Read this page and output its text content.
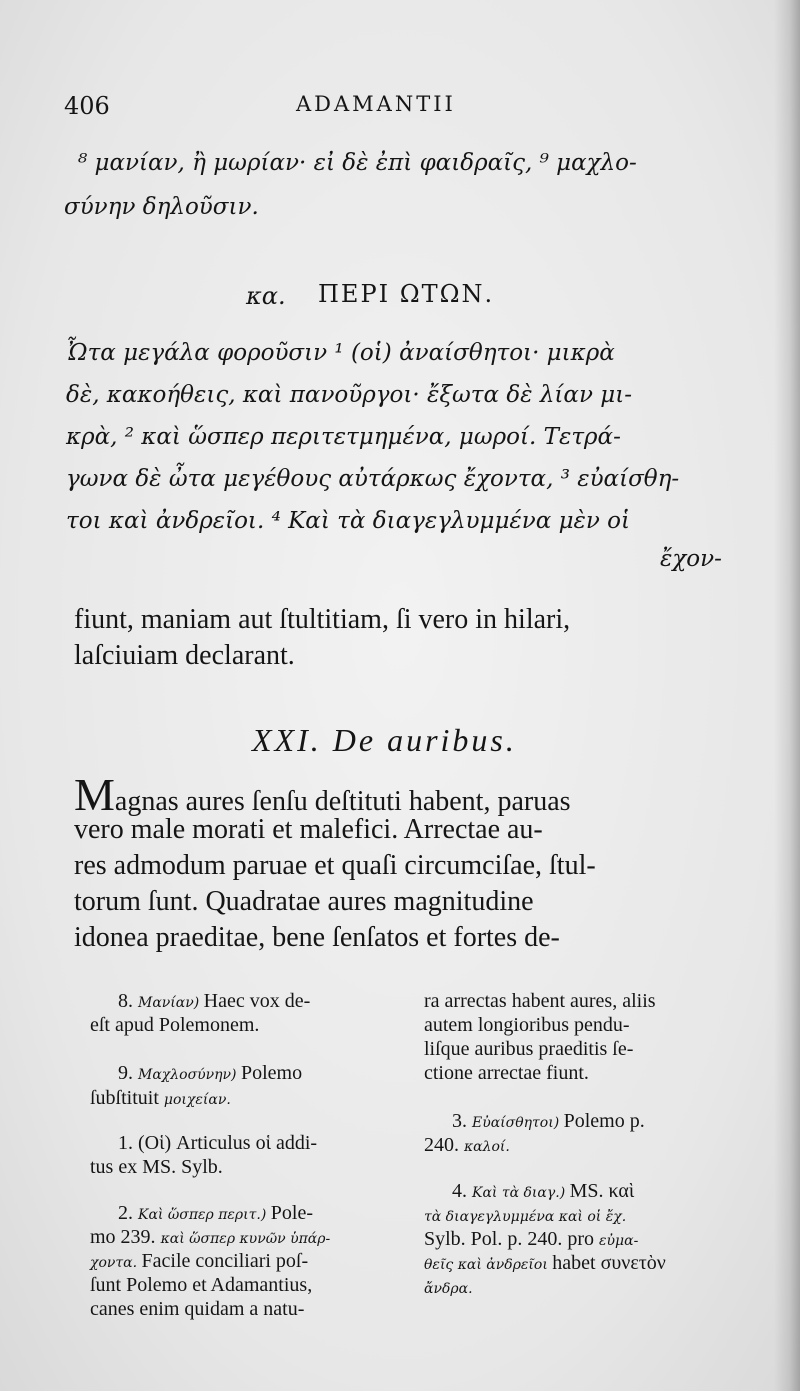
406	ADAMANTII
⁸ μανίαν, ἢ μωρίαν· εἰ δὲ ἐπὶ φαιδραῖς, ⁹ μαχλο-
σύνην δηλοῦσιν.
κα. ΠΕΡΙ ΩΤΩΝ.
Ὦτα μεγάλα φοροῦσιν ¹ (οἱ) ἀναίσθητοι· μικρὰ
δὲ, κακοήθεις, καὶ πανοῦργοι· ἔξωτα δὲ λίαν μι-
κρὰ, ² καὶ ὥσπερ περιτετμημένα, μωροί. Τετρά-
γωνα δὲ ὦτα μεγέθους αὐτάρκως ἔχοντα, ³ εὐαίσθη-
τοι καὶ ἀνδρεῖοι. ⁴ Καὶ τὰ διαγεγλυμμένα μὲν οἱ
ἔχον-
fiunt, maniam aut ſtultitiam, ſi vero in hilari,
laſciuiam declarant.
XXI. De auribus.
Magnas aures ſenſu deſtituti habent, paruas
vero male morati et malefici. Arrectae au-
res admodum paruae et quaſi circumciſae, ſtul-
torum ſunt. Quadratae aures magnitudine
idonea praeditae, bene ſenſatos et fortes de-
8. Μανίαν) Haec vox de-
eſt apud Polemonem.
9. Μαχλοσύνην) Polemo
ſubſtituit μοιχείαν.
1. (Οἱ) Articulus οἱ addi-
tus ex MS. Sylb.
2. Καὶ ὥσπερ περιτ.) Pole-
mo 239. καὶ ὥσπερ κυνῶν ὑπάρ-
χοντα. Facile conciliari poſ-
ſunt Polemo et Adamantius,
canes enim quidam a natu-
ra arrectas habent aures, aliis
autem longioribus pendu-
liſque auribus praeditis ſe-
ctione arrectae fiunt.
3. Εὐαίσθητοι) Polemo p.
240. καλοί.
4. Καὶ τὰ διαγ.) MS. καὶ
τὰ διαγεγλυμμένα καὶ οἱ ἔχ.
Sylb. Pol. p. 240. pro εὐμα-
θεῖς καὶ ἀνδρεῖοι habet συνετὸν
ἄνδρα.
